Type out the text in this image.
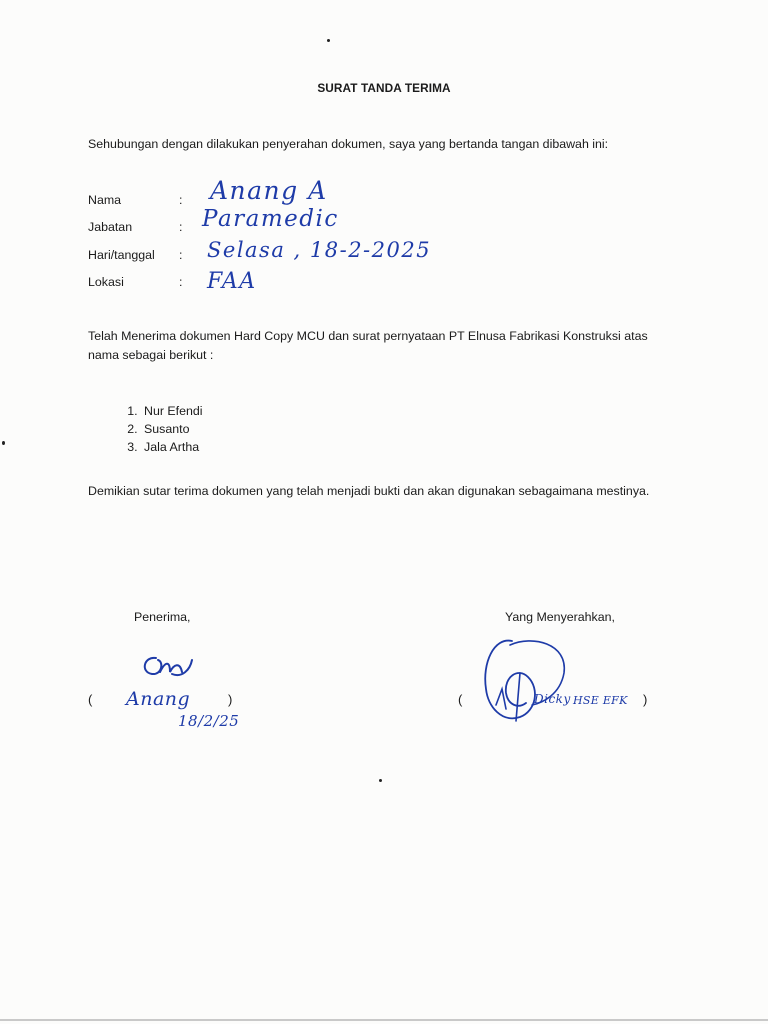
SURAT TANDA TERIMA
Sehubungan dengan dilakukan penyerahan dokumen, saya yang bertanda tangan dibawah ini:
Nama	: Anang A
Jabatan	: Paramedic
Hari/tanggal : Selasa , 18-2-2025
Lokasi	: FAA
Telah Menerima dokumen Hard Copy MCU dan surat pernyataan PT Elnusa Fabrikasi Konstruksi atas nama sebagai berikut :
1. Nur Efendi
2. Susanto
3. Jala Artha
Demikian sutar terima dokumen yang telah menjadi bukti dan akan digunakan sebagaimana mestinya.
Penerima,
( Anang	)
18/2/25
Yang Menyerahkan,
(	Dicky HSE EFK )
